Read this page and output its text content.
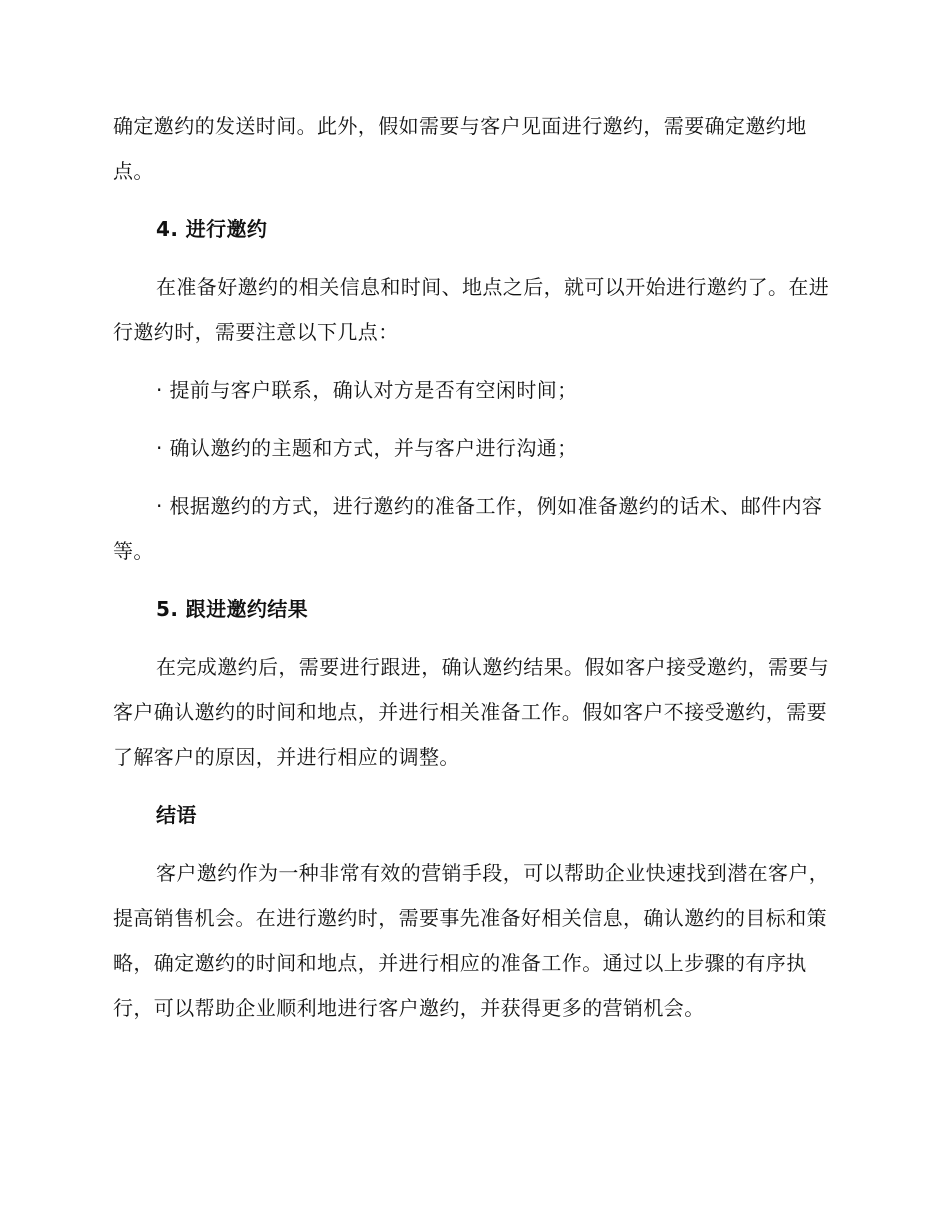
确定邀约的发送时间。此外，假如需要与客户见面进行邀约，需要确定邀约地点。

4. 进行邀约

在准备好邀约的相关信息和时间、地点之后，就可以开始进行邀约了。在进行邀约时，需要注意以下几点：

· 提前与客户联系，确认对方是否有空闲时间；

· 确认邀约的主题和方式，并与客户进行沟通；

· 根据邀约的方式，进行邀约的准备工作，例如准备邀约的话术、邮件内容等。

5. 跟进邀约结果

在完成邀约后，需要进行跟进，确认邀约结果。假如客户接受邀约，需要与客户确认邀约的时间和地点，并进行相关准备工作。假如客户不接受邀约，需要了解客户的原因，并进行相应的调整。

结语

客户邀约作为一种非常有效的营销手段，可以帮助企业快速找到潜在客户，提高销售机会。在进行邀约时，需要事先准备好相关信息，确认邀约的目标和策略，确定邀约的时间和地点，并进行相应的准备工作。通过以上步骤的有序执行，可以帮助企业顺利地进行客户邀约，并获得更多的营销机会。
